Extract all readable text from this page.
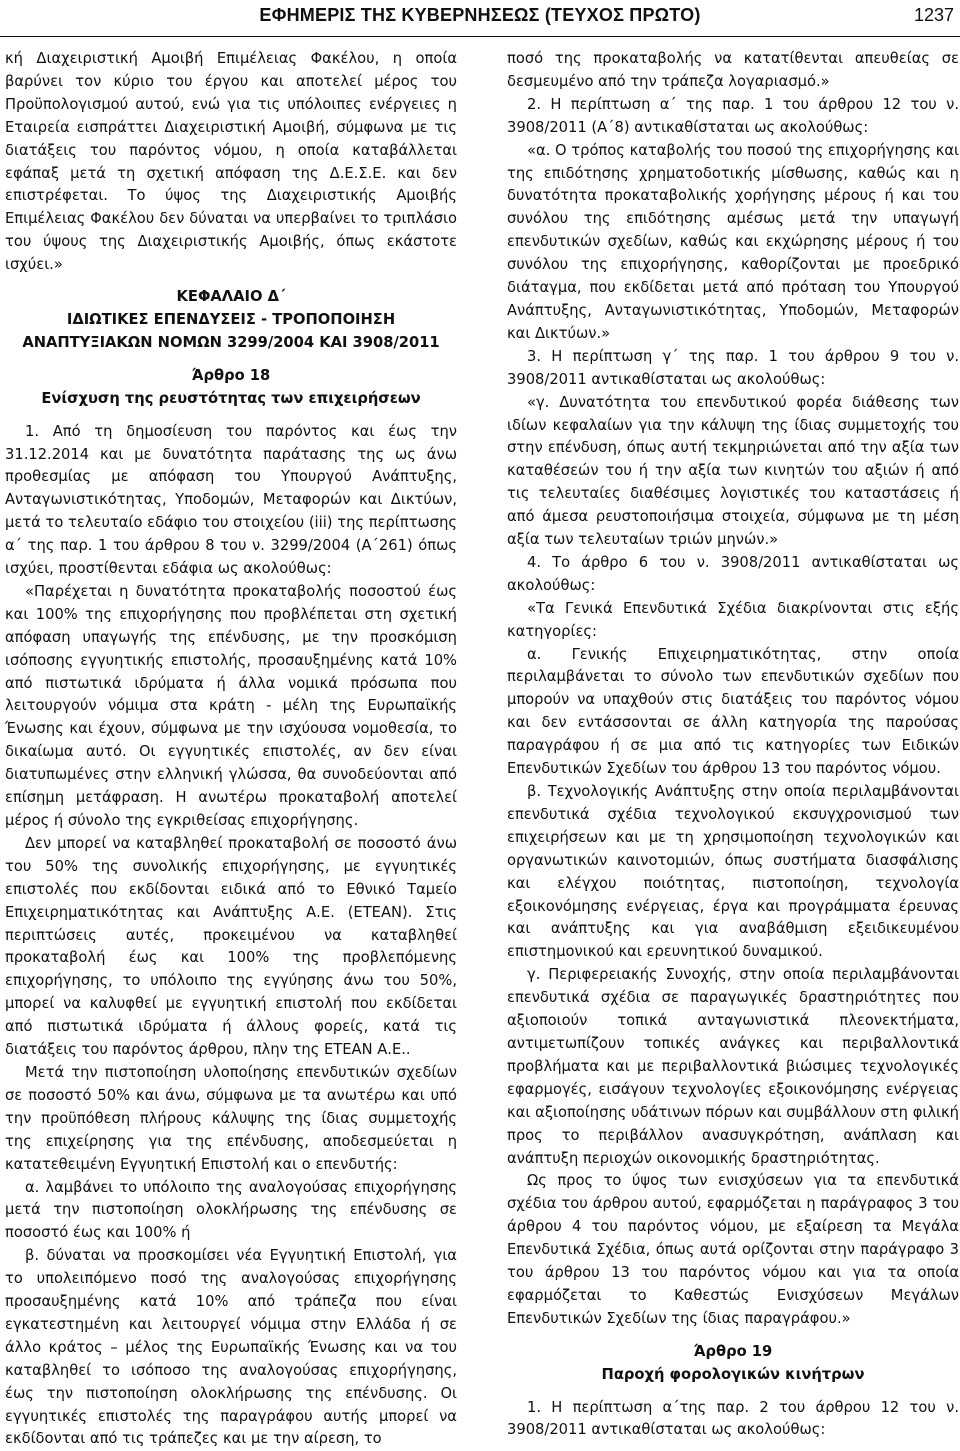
ΕΦΗΜΕΡΙΣ ΤΗΣ ΚΥΒΕΡΝΗΣΕΩΣ (ΤΕΥΧΟΣ ΠΡΩΤΟ)	1237

κή Διαχειριστική Αμοιβή Επιμέλειας Φακέλου, η οποία βαρύνει τον κύριο του έργου και αποτελεί μέρος του Προϋπολογισμού αυτού, ενώ για τις υπόλοιπες ενέργειες η Εταιρεία εισπράττει Διαχειριστική Αμοιβή, σύμφωνα με τις διατάξεις του παρόντος νόμου, η οποία καταβάλλεται εφάπαξ μετά τη σχετική απόφαση της Δ.Ε.Σ.Ε. και δεν επιστρέφεται. Το ύψος της Διαχειριστικής Αμοιβής Επιμέλειας Φακέλου δεν δύναται να υπερβαίνει το τριπλάσιο του ύψους της Διαχειριστικής Αμοιβής, όπως εκάστοτε ισχύει.»

ΚΕΦΑΛΑΙΟ Δ΄

ΙΔΙΩΤΙΚΕΣ ΕΠΕΝΔΥΣΕΙΣ - ΤΡΟΠΟΠΟΙΗΣΗ

ΑΝΑΠΤΥΞΙΑΚΩΝ ΝΟΜΩΝ 3299/2004 ΚΑΙ 3908/2011

Άρθρο 18

Ενίσχυση της ρευστότητας των επιχειρήσεων

1. Από τη δημοσίευση του παρόντος και έως την 31.12.2014 και με δυνατότητα παράτασης της ως άνω προθεσμίας με απόφαση του Υπουργού Ανάπτυξης, Ανταγωνιστικότητας, Υποδομών, Μεταφορών και Δικτύων, μετά το τελευταίο εδάφιο του στοιχείου (iii) της περίπτωσης α΄ της παρ. 1 του άρθρου 8 του ν. 3299/2004 (Α΄261) όπως ισχύει, προστίθενται εδάφια ως ακολούθως:

«Παρέχεται η δυνατότητα προκαταβολής ποσοστού έως και 100% της επιχορήγησης που προβλέπεται στη σχετική απόφαση υπαγωγής της επένδυσης, με την προσκόμιση ισόποσης εγγυητικής επιστολής, προσαυξημένης κατά 10% από πιστωτικά ιδρύματα ή άλλα νομικά πρόσωπα που λειτουργούν νόμιμα στα κράτη - μέλη της Ευρωπαϊκής Ένωσης και έχουν, σύμφωνα με την ισχύουσα νομοθεσία, το δικαίωμα αυτό. Οι εγγυητικές επιστολές, αν δεν είναι διατυπωμένες στην ελληνική γλώσσα, θα συνοδεύονται από επίσημη μετάφραση. Η ανωτέρω προκαταβολή αποτελεί μέρος ή σύνολο της εγκριθείσας επιχορήγησης.

Δεν μπορεί να καταβληθεί προκαταβολή σε ποσοστό άνω του 50% της συνολικής επιχορήγησης, με εγγυητικές επιστολές που εκδίδονται ειδικά από το Εθνικό Ταμείο Επιχειρηματικότητας και Ανάπτυξης Α.Ε. (ΕΤΕΑΝ). Στις περιπτώσεις αυτές, προκειμένου να καταβληθεί προκαταβολή έως και 100% της προβλεπόμενης επιχορήγησης, το υπόλοιπο της εγγύησης άνω του 50%, μπορεί να καλυφθεί με εγγυητική επιστολή που εκδίδεται από πιστωτικά ιδρύματα ή άλλους φορείς, κατά τις διατάξεις του παρόντος άρθρου, πλην της ΕΤΕΑΝ Α.Ε..

Μετά την πιστοποίηση υλοποίησης επενδυτικών σχεδίων σε ποσοστό 50% και άνω, σύμφωνα με τα ανωτέρω και υπό την προϋπόθεση πλήρους κάλυψης της ίδιας συμμετοχής της επιχείρησης για της επένδυσης, αποδεσμεύεται η κατατεθειμένη Εγγυητική Επιστολή και ο επενδυτής:

α. λαμβάνει το υπόλοιπο της αναλογούσας επιχορήγησης μετά την πιστοποίηση ολοκλήρωσης της επένδυσης σε ποσοστό έως και 100% ή

β. δύναται να προσκομίσει νέα Εγγυητική Επιστολή, για το υπολειπόμενο ποσό της αναλογούσας επιχορήγησης προσαυξημένης κατά 10% από τράπεζα που είναι εγκατεστημένη και λειτουργεί νόμιμα στην Ελλάδα ή σε άλλο κράτος – μέλος της Ευρωπαϊκής Ένωσης και να του καταβληθεί το ισόποσο της αναλογούσας επιχορήγησης, έως την πιστοποίηση ολοκλήρωσης της επένδυσης. Οι εγγυητικές επιστολές της παραγράφου αυτής μπορεί να εκδίδονται από τις τράπεζες και με την αίρεση, το

ποσό της προκαταβολής να κατατίθενται απευθείας σε δεσμευμένο από την τράπεζα λογαριασμό.»

2. Η περίπτωση α΄ της παρ. 1 του άρθρου 12 του ν. 3908/2011 (Α΄8) αντικαθίσταται ως ακολούθως:

«α. Ο τρόπος καταβολής του ποσού της επιχορήγησης και της επιδότησης χρηματοδοτικής μίσθωσης, καθώς και η δυνατότητα προκαταβολικής χορήγησης μέρους ή και του συνόλου της επιδότησης αμέσως μετά την υπαγωγή επενδυτικών σχεδίων, καθώς και εκχώρησης μέρους ή του συνόλου της επιχορήγησης, καθορίζονται με προεδρικό διάταγμα, που εκδίδεται μετά από πρόταση του Υπουργού Ανάπτυξης, Ανταγωνιστικότητας, Υποδομών, Μεταφορών και Δικτύων.»

3. Η περίπτωση γ΄ της παρ. 1 του άρθρου 9 του ν. 3908/2011 αντικαθίσταται ως ακολούθως:

«γ. Δυνατότητα του επενδυτικού φορέα διάθεσης των ιδίων κεφαλαίων για την κάλυψη της ίδιας συμμετοχής του στην επένδυση, όπως αυτή τεκμηριώνεται από την αξία των καταθέσεών του ή την αξία των κινητών του αξιών ή από τις τελευταίες διαθέσιμες λογιστικές του καταστάσεις ή από άμεσα ρευστοποιήσιμα στοιχεία, σύμφωνα με τη μέση αξία των τελευταίων τριών μηνών.»

4. Το άρθρο 6 του ν. 3908/2011 αντικαθίσταται ως ακολούθως:

«Τα Γενικά Επενδυτικά Σχέδια διακρίνονται στις εξής κατηγορίες:

α. Γενικής Επιχειρηματικότητας, στην οποία περιλαμβάνεται το σύνολο των επενδυτικών σχεδίων που μπορούν να υπαχθούν στις διατάξεις του παρόντος νόμου και δεν εντάσσονται σε άλλη κατηγορία της παρούσας παραγράφου ή σε μια από τις κατηγορίες των Ειδικών Επενδυτικών Σχεδίων του άρθρου 13 του παρόντος νόμου.

β. Τεχνολογικής Ανάπτυξης στην οποία περιλαμβάνονται επενδυτικά σχέδια τεχνολογικού εκσυγχρονισμού των επιχειρήσεων και με τη χρησιμοποίηση τεχνολογικών και οργανωτικών καινοτομιών, όπως συστήματα διασφάλισης και ελέγχου ποιότητας, πιστοποίηση, τεχνολογία εξοικονόμησης ενέργειας, έργα και προγράμματα έρευνας και ανάπτυξης και για αναβάθμιση εξειδικευμένου επιστημονικού και ερευνητικού δυναμικού.

γ. Περιφερειακής Συνοχής, στην οποία περιλαμβάνονται επενδυτικά σχέδια σε παραγωγικές δραστηριότητες που αξιοποιούν τοπικά ανταγωνιστικά πλεονεκτήματα, αντιμετωπίζουν τοπικές ανάγκες και περιβαλλοντικά προβλήματα και με περιβαλλοντικά βιώσιμες τεχνολογικές εφαρμογές, εισάγουν τεχνολογίες εξοικονόμησης ενέργειας και αξιοποίησης υδάτινων πόρων και συμβάλλουν στη φιλική προς το περιβάλλον ανασυγκρότηση, ανάπλαση και ανάπτυξη περιοχών οικονομικής δραστηριότητας.

Ως προς το ύψος των ενισχύσεων για τα επενδυτικά σχέδια του άρθρου αυτού, εφαρμόζεται η παράγραφος 3 του άρθρου 4 του παρόντος νόμου, με εξαίρεση τα Μεγάλα Επενδυτικά Σχέδια, όπως αυτά ορίζονται στην παράγραφο 3 του άρθρου 13 του παρόντος νόμου και για τα οποία εφαρμόζεται το Καθεστώς Ενισχύσεων Μεγάλων Επενδυτικών Σχεδίων της ίδιας παραγράφου.»

Άρθρο 19

Παροχή φορολογικών κινήτρων

1. Η περίπτωση α΄της παρ. 2 του άρθρου 12 του ν. 3908/2011 αντικαθίσταται ως ακολούθως:
